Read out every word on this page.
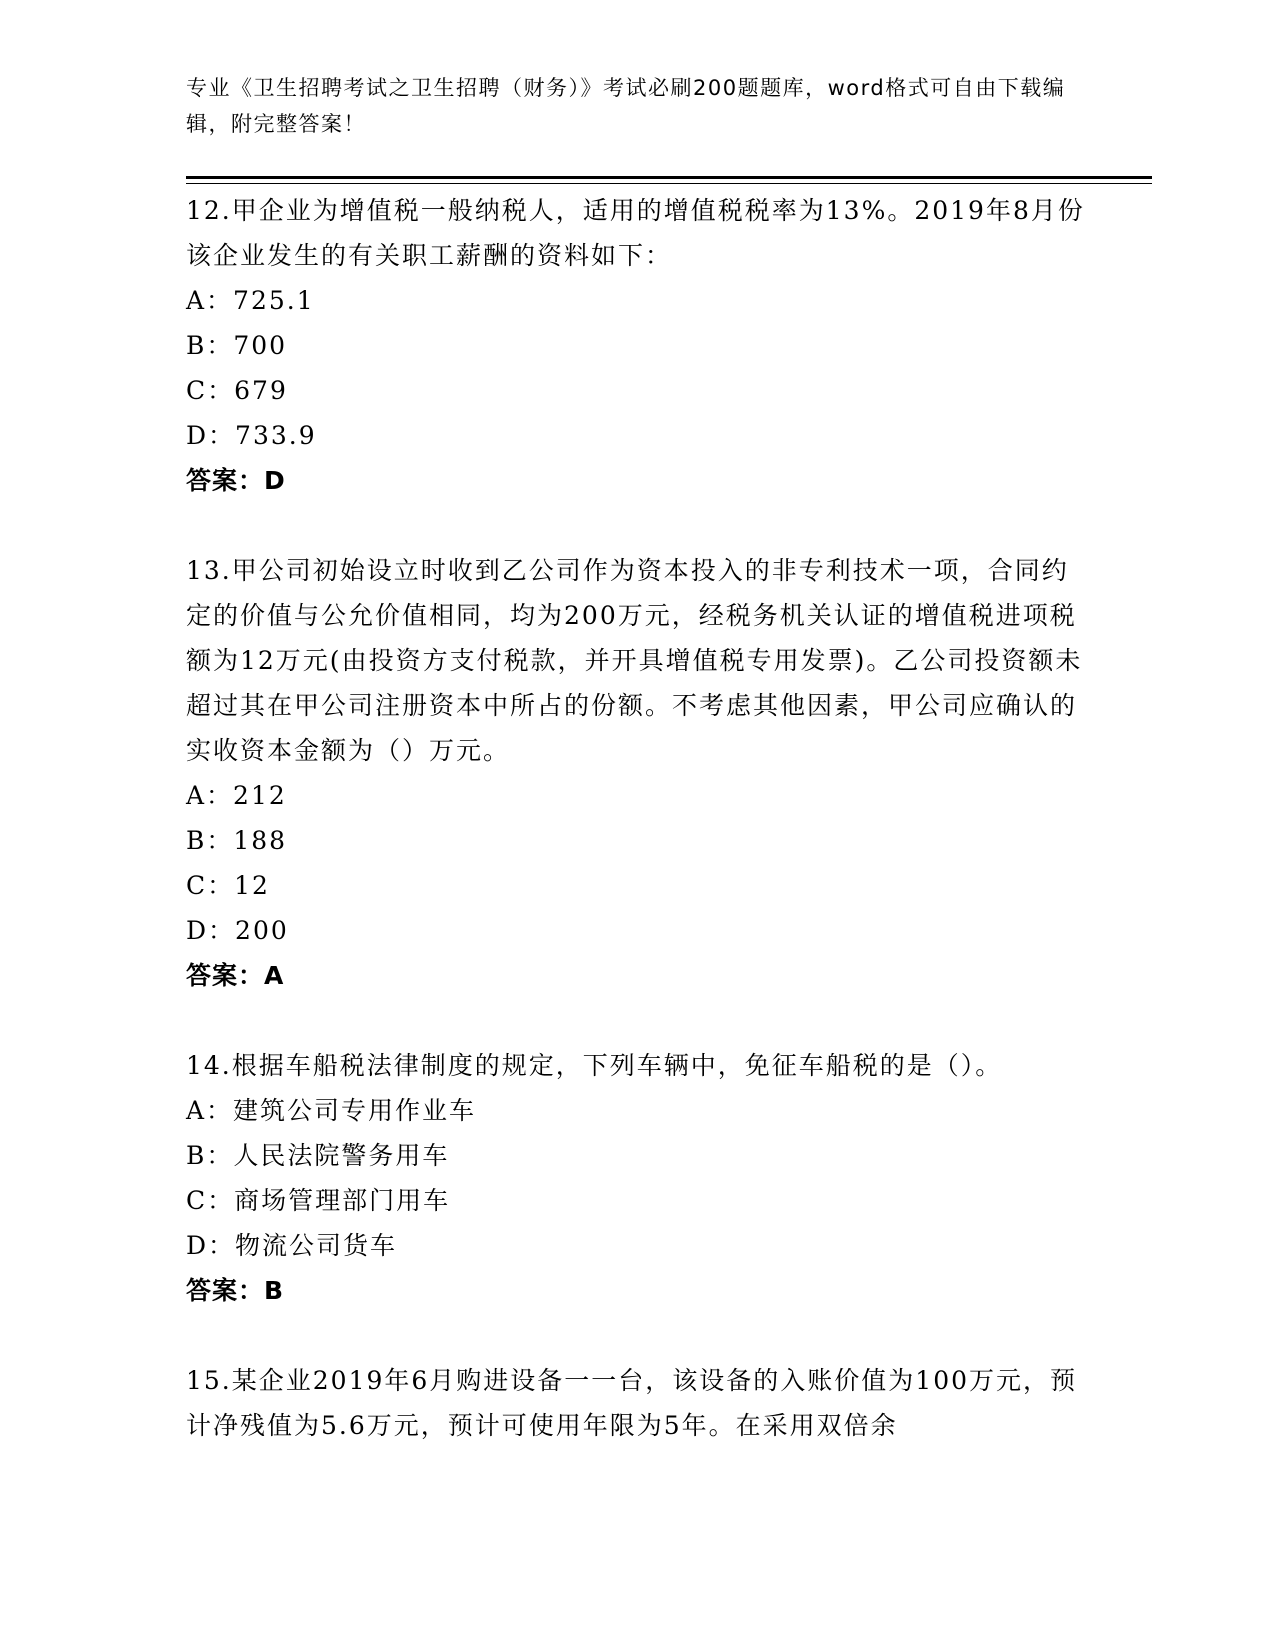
专业《卫生招聘考试之卫生招聘（财务）》考试必刷200题题库，word格式可自由下载编辑，附完整答案！

12.甲企业为增值税一般纳税人，适用的增值税税率为13%。2019年8月份该企业发生的有关职工薪酬的资料如下：

A：725.1

B：700

C：679

D：733.9

答案：D

13.甲公司初始设立时收到乙公司作为资本投入的非专利技术一项，合同约定的价值与公允价值相同，均为200万元，经税务机关认证的增值税进项税额为12万元(由投资方支付税款，并开具增值税专用发票)。乙公司投资额未超过其在甲公司注册资本中所占的份额。不考虑其他因素，甲公司应确认的实收资本金额为（）万元。

A：212

B：188

C：12

D：200

答案：A

14.根据车船税法律制度的规定，下列车辆中，免征车船税的是（）。

A：建筑公司专用作业车

B：人民法院警务用车

C：商场管理部门用车

D：物流公司货车

答案：B

15.某企业2019年6月购进设备一一台，该设备的入账价值为100万元，预计净残值为5.6万元，预计可使用年限为5年。在采用双倍余
